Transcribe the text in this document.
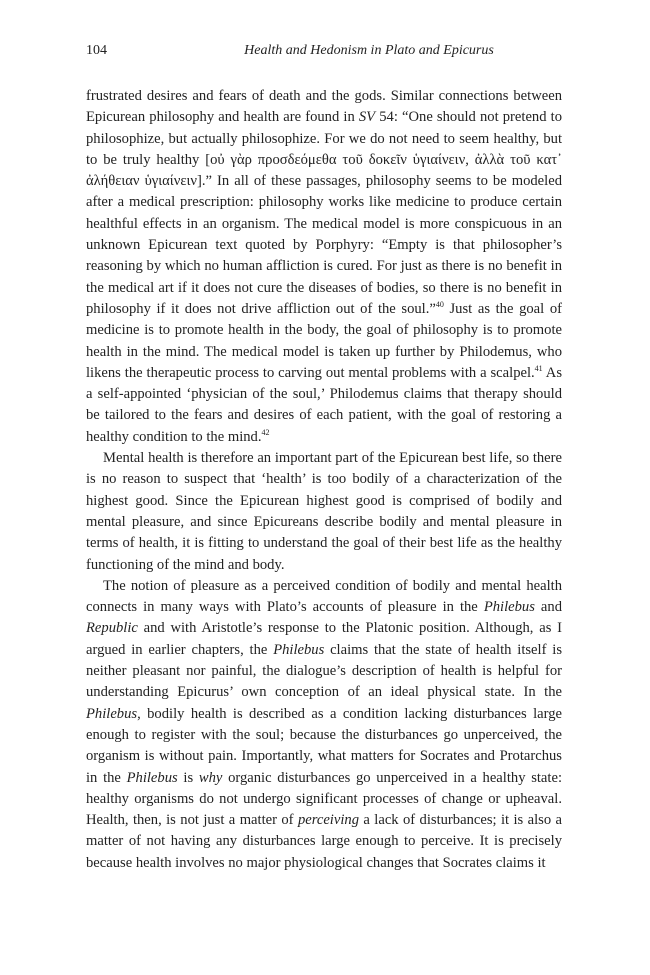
104	Health and Hedonism in Plato and Epicurus

frustrated desires and fears of death and the gods. Similar connections between Epicurean philosophy and health are found in SV 54: “One should not pretend to philosophize, but actually philosophize. For we do not need to seem healthy, but to be truly healthy [οὐ γὰρ προσδεόμεθα τοῦ δοκεῖν ὑγιαίνειν, ἀλλὰ τοῦ κατ᾽ ἀλήθειαν ὑγιαίνειν].” In all of these passages, philosophy seems to be modeled after a medical prescription: philosophy works like medicine to produce certain healthful effects in an organism. The medical model is more conspicuous in an unknown Epicurean text quoted by Porphyry: “Empty is that philosopher’s reasoning by which no human affliction is cured. For just as there is no benefit in the medical art if it does not cure the diseases of bodies, so there is no benefit in philosophy if it does not drive affliction out of the soul.”$^{40}$ Just as the goal of medicine is to promote health in the body, the goal of philosophy is to promote health in the mind. The medical model is taken up further by Philodemus, who likens the therapeutic process to carving out mental problems with a scalpel.$^{41}$ As a self-appointed ‘physician of the soul,’ Philodemus claims that therapy should be tailored to the fears and desires of each patient, with the goal of restoring a healthy condition to the mind.$^{42}$

Mental health is therefore an important part of the Epicurean best life, so there is no reason to suspect that ‘health’ is too bodily of a characterization of the highest good. Since the Epicurean highest good is comprised of bodily and mental pleasure, and since Epicureans describe bodily and mental pleasure in terms of health, it is fitting to understand the goal of their best life as the healthy functioning of the mind and body.

The notion of pleasure as a perceived condition of bodily and mental health connects in many ways with Plato’s accounts of pleasure in the Philebus and Republic and with Aristotle’s response to the Platonic position. Although, as I argued in earlier chapters, the Philebus claims that the state of health itself is neither pleasant nor painful, the dialogue’s description of health is helpful for understanding Epicurus’ own conception of an ideal physical state. In the Philebus, bodily health is described as a condition lacking disturbances large enough to register with the soul; because the disturbances go unperceived, the organism is without pain. Importantly, what matters for Socrates and Protarchus in the Philebus is why organic disturbances go unperceived in a healthy state: healthy organisms do not undergo significant processes of change or upheaval. Health, then, is not just a matter of perceiving a lack of disturbances; it is also a matter of not having any disturbances large enough to perceive. It is precisely because health involves no major physiological changes that Socrates claims it
